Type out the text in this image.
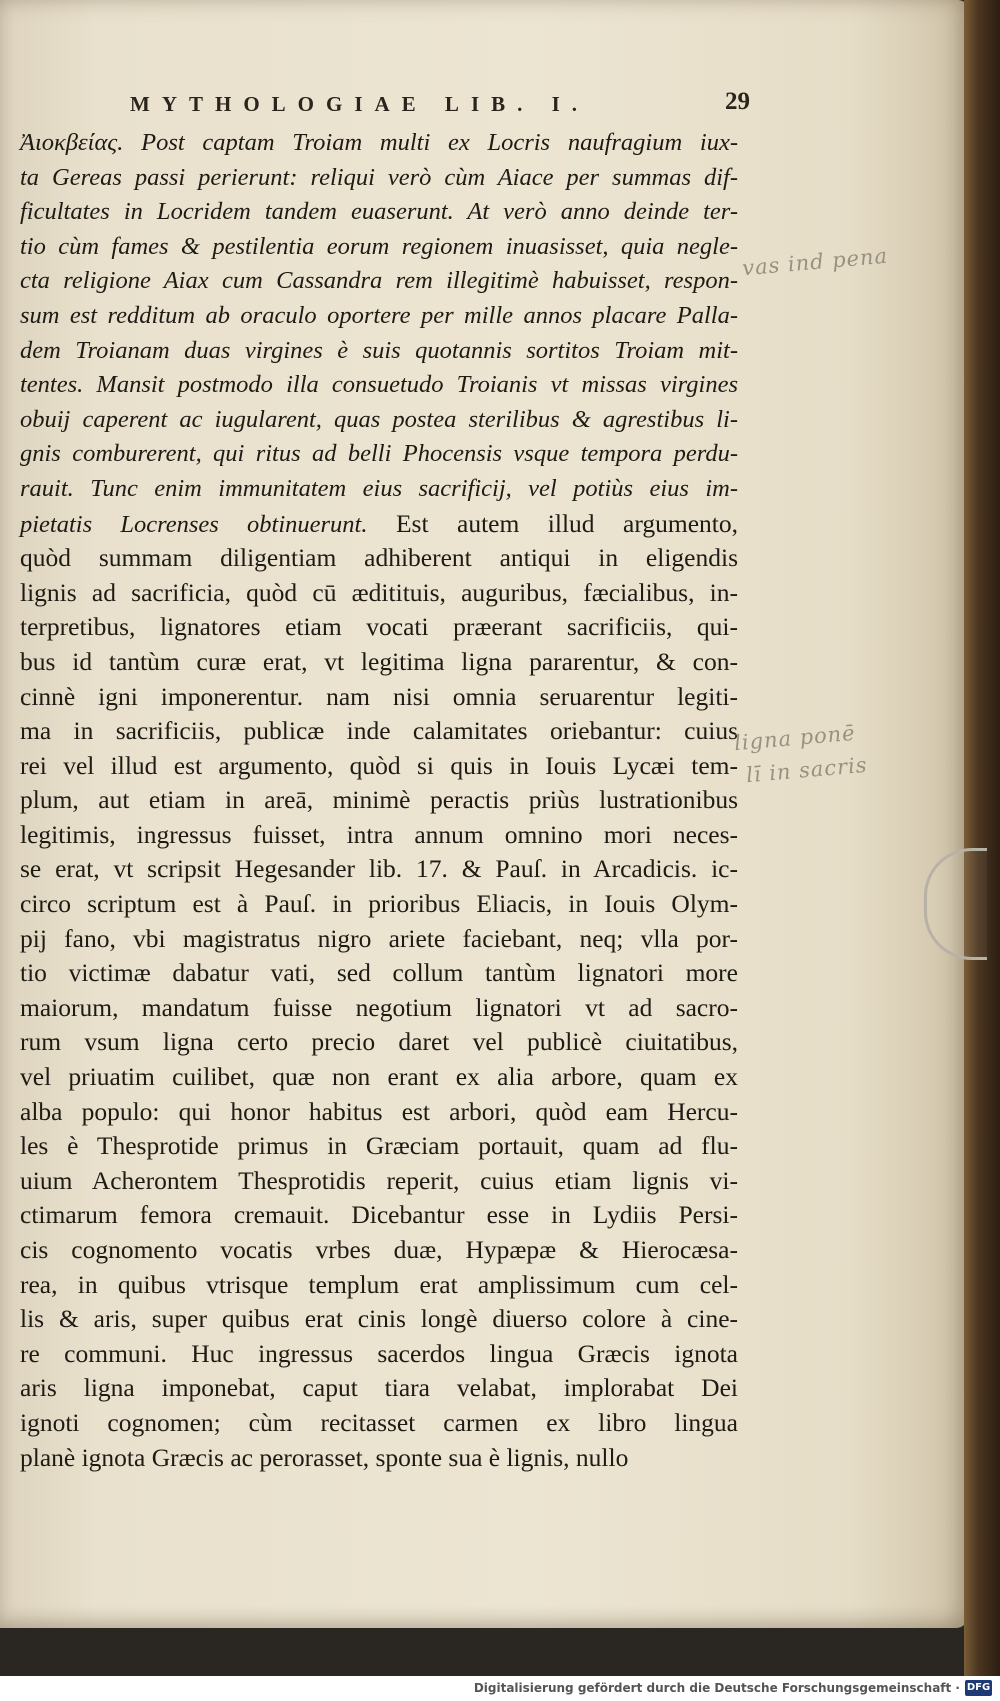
MYTHOLOGIAE LIB. I.	29
Ἀιοκβείας. Post captam Troiam multi ex Locris naufragium iux-
ta Gereas passi perierunt: reliqui verò cùm Aiace per summas dif-
ficultates in Locridem tandem euaserunt. At verò anno deinde ter-
tio cùm fames & pestilentia eorum regionem inuasisset, quia negle-
cta religione Aiax cum Cassandra rem illegitimè habuisset, respon-
sum est redditum ab oraculo oportere per mille annos placare Palla-
dem Troianam duas virgines è suis quotannis sortitos Troiam mit-
tentes. Mansit postmodo illa consuetudo Troianis vt missas virgines
obuij caperent ac iugularent, quas postea sterilibus & agrestibus li-
gnis comburerent, qui ritus ad belli Phocensis vsque tempora perdu-
rauit. Tunc enim immunitatem eius sacrificij, vel potiùs eius im-
pietatis Locrenses obtinuerunt. Est autem illud argumento,
quòd summam diligentiam adhiberent antiqui in eligendis
lignis ad sacrificia, quòd cū æditituis, auguribus, fæcialibus, in-
terpretibus, lignatores etiam vocati præerant sacrificiis, qui-
bus id tantùm curæ erat, vt legitima ligna pararentur, & con-
cinnè igni imponerentur. nam nisi omnia seruarentur legiti-
ma in sacrificiis, publicæ inde calamitates oriebantur: cuius
rei vel illud est argumento, quòd si quis in Iouis Lycæi tem-
plum, aut etiam in areā, minimè peractis priùs lustrationibus
legitimis, ingressus fuisset, intra annum omnino mori neces-
se erat, vt scripsit Hegesander lib. 17. & Pauſ. in Arcadicis. ic-
circo scriptum est à Pauſ. in prioribus Eliacis, in Iouis Olym-
pij fano, vbi magistratus nigro ariete faciebant, neq; vlla por-
tio victimæ dabatur vati, sed collum tantùm lignatori more
maiorum, mandatum fuisse negotium lignatori vt ad sacro-
rum vsum ligna certo precio daret vel publicè ciuitatibus,
vel priuatim cuilibet, quæ non erant ex alia arbore, quam ex
alba populo: qui honor habitus est arbori, quòd eam Hercu-
les è Thesprotide primus in Græciam portauit, quam ad flu-
uium Acherontem Thesprotidis reperit, cuius etiam lignis vi-
ctimarum femora cremauit. Dicebantur esse in Lydiis Persi-
cis cognomento vocatis vrbes duæ, Hypæpæ & Hierocæsa-
rea, in quibus vtrisque templum erat amplissimum cum cel-
lis & aris, super quibus erat cinis longè diuerso colore à cine-
re communi. Huc ingressus sacerdos lingua Græcis ignota
aris ligna imponebat, caput tiara velabat, implorabat Dei
ignoti cognomen; cùm recitasset carmen ex libro lingua
planè ignota Græcis ac perorasset, sponte sua è lignis, nullo
vas ind pena
ligna ponē
lī in sacris
Digitalisierung gefördert durch die Deutsche Forschungsgemeinschaft · DFG
